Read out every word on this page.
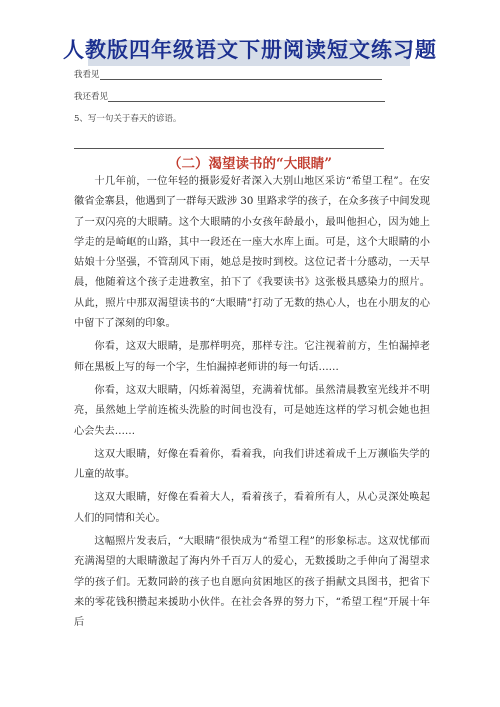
人教版四年级语文下册阅读短文练习题
我看见
我还看见
5、写一句关于春天的谚语。
（二）渴望读书的“大眼睛”

十几年前，一位年轻的摄影爱好者深入大别山地区采访“希望工程”。在安徽省金寨县，他遇到了一群每天跋涉 30 里路求学的孩子，在众多孩子中间发现了一双闪亮的大眼睛。这个大眼睛的小女孩年龄最小，最叫他担心，因为她上学走的是崎岖的山路，其中一段还在一座大水库上面。可是，这个大眼睛的小姑娘十分坚强，不管刮风下雨，她总是按时到校。这位记者十分感动，一天早晨，他随着这个孩子走进教室，拍下了《我要读书》这张极具感染力的照片。从此，照片中那双渴望读书的“大眼睛”打动了无数的热心人，也在小朋友的心中留下了深刻的印象。

你看，这双大眼睛，是那样明亮，那样专注。它注视着前方，生怕漏掉老师在黑板上写的每一个字，生怕漏掉老师讲的每一句话……

你看，这双大眼睛，闪烁着渴望，充满着忧郁。虽然清晨教室光线并不明亮，虽然她上学前连梳头洗脸的时间也没有，可是她连这样的学习机会她也担心会失去……

这双大眼睛，好像在看着你，看着我，向我们讲述着成千上万濒临失学的儿童的故事。

这双大眼睛，好像在看着大人，看着孩子，看着所有人，从心灵深处唤起人们的同情和关心。

这幅照片发表后，“大眼睛”很快成为“希望工程”的形象标志。这双忧郁而充满渴望的大眼睛激起了海内外千百万人的爱心，无数援助之手伸向了渴望求学的孩子们。无数同龄的孩子也自愿向贫困地区的孩子捐献文具图书，把省下来的零花钱积攒起来援助小伙伴。在社会各界的努力下，“希望工程”开展十年后
